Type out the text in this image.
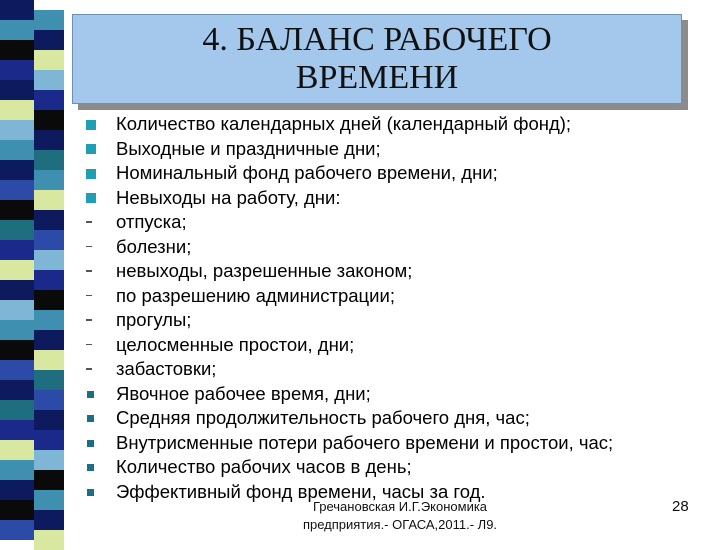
4. БАЛАНС РАБОЧЕГО
ВРЕМЕНИ
Количество календарных дней (календарный фонд);
Выходные и праздничные дни;
Номинальный фонд рабочего времени, дни;
Невыходы на работу, дни:
отпуска;
болезни;
невыходы, разрешенные законом;
по разрешению администрации;
прогулы;
целосменные простои, дни;
забастовки;
Явочное рабочее время, дни;
Средняя продолжительность рабочего дня, час;
Внутрисменные потери рабочего времени и простои, час;
Количество рабочих часов в день;
Эффективный фонд времени, часы за год.
Гречановская И.Г.Экономика
предприятия.- ОГАСА,2011.- Л9.
28
